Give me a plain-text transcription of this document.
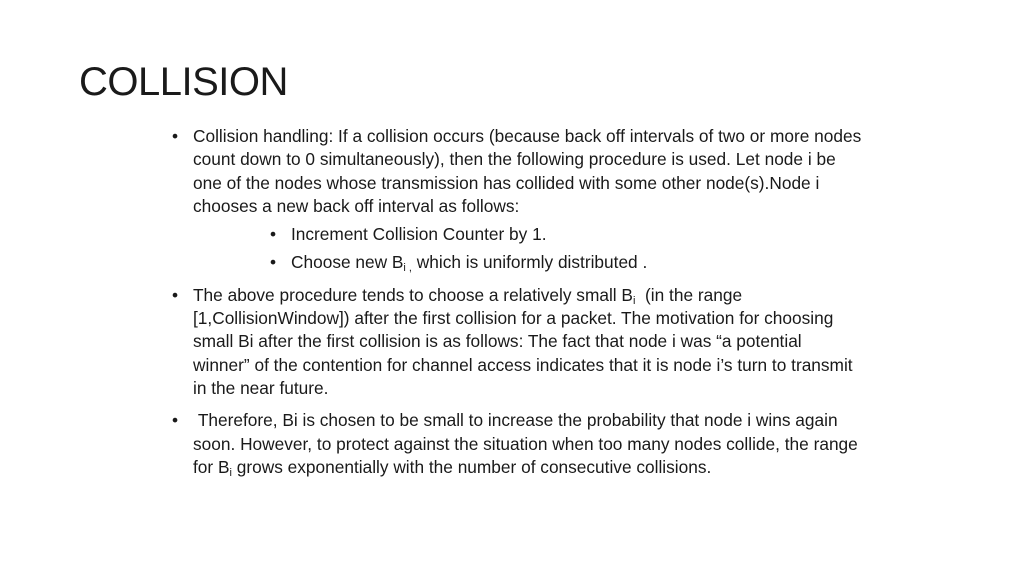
COLLISION
• Collision handling: If a collision occurs (because back off intervals of two or more nodes count down to 0 simultaneously), then the following procedure is used. Let node i be one of the nodes whose transmission has collided with some other node(s).Node i chooses a new back off interval as follows:
• Increment Collision Counter by 1.
• Choose new $B_{i ,}$ which is uniformly distributed .
• The above procedure tends to choose a relatively small $B_i$  (in the range [1,CollisionWindow]) after the first collision for a packet. The motivation for choosing small Bi after the first collision is as follows: The fact that node i was “a potential winner” of the contention for channel access indicates that it is node i’s turn to transmit in the near future.
• Therefore, Bi is chosen to be small to increase the probability that node i wins again soon. However, to protect against the situation when too many nodes collide, the range for $B_i$ grows exponentially with the number of consecutive collisions.
